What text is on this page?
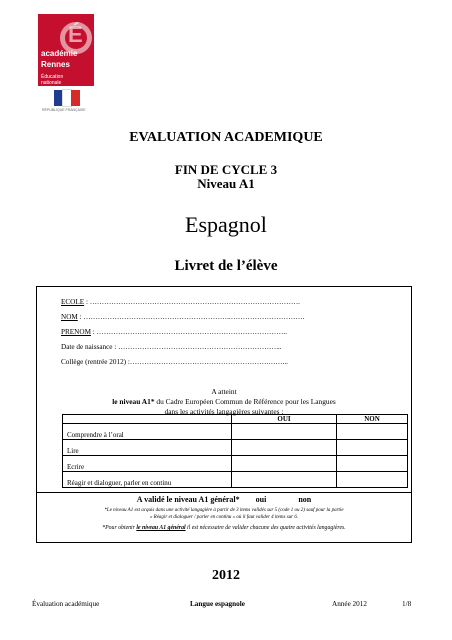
É
académie
Rennes
Éducation
nationale
RÉPUBLIQUE FRANÇAISE
EVALUATION ACADEMIQUE
FIN DE CYCLE 3
Niveau A1
Espagnol
Livret de l’élève
ECOLE : …………………………………………………………………………….
NOM : ……………………………………………………..………………………….
PRENOM : ……………………………………………………………………..
Date de naissance : …………………………………………………………...
Collège (rentrée 2012) :………………………………………………….……...
A atteint
le niveau A1* du Cadre Européen Commun de Référence pour les Langues
dans les activités langagières suivantes :
	OUI	NON
Comprendre à l’oral		
Lire		
Ecrire		
Réagir et dialoguer, parler en continu		
A validé le niveau A1 général* oui	non
*Le niveau A1 est acquis dans une activité langagière à partir de 3 items validés sur 5 (code 1 ou 2) sauf pour la partie
« Réagir et dialoguer / parler en continu » où il faut valider 4 items sur 6.
*Pour obtenir le niveau A1 général il est nécessaire de valider chacune des quatre activités langagières.
2012
Évaluation académique	Langue espagnole	Année 2012	1/8
